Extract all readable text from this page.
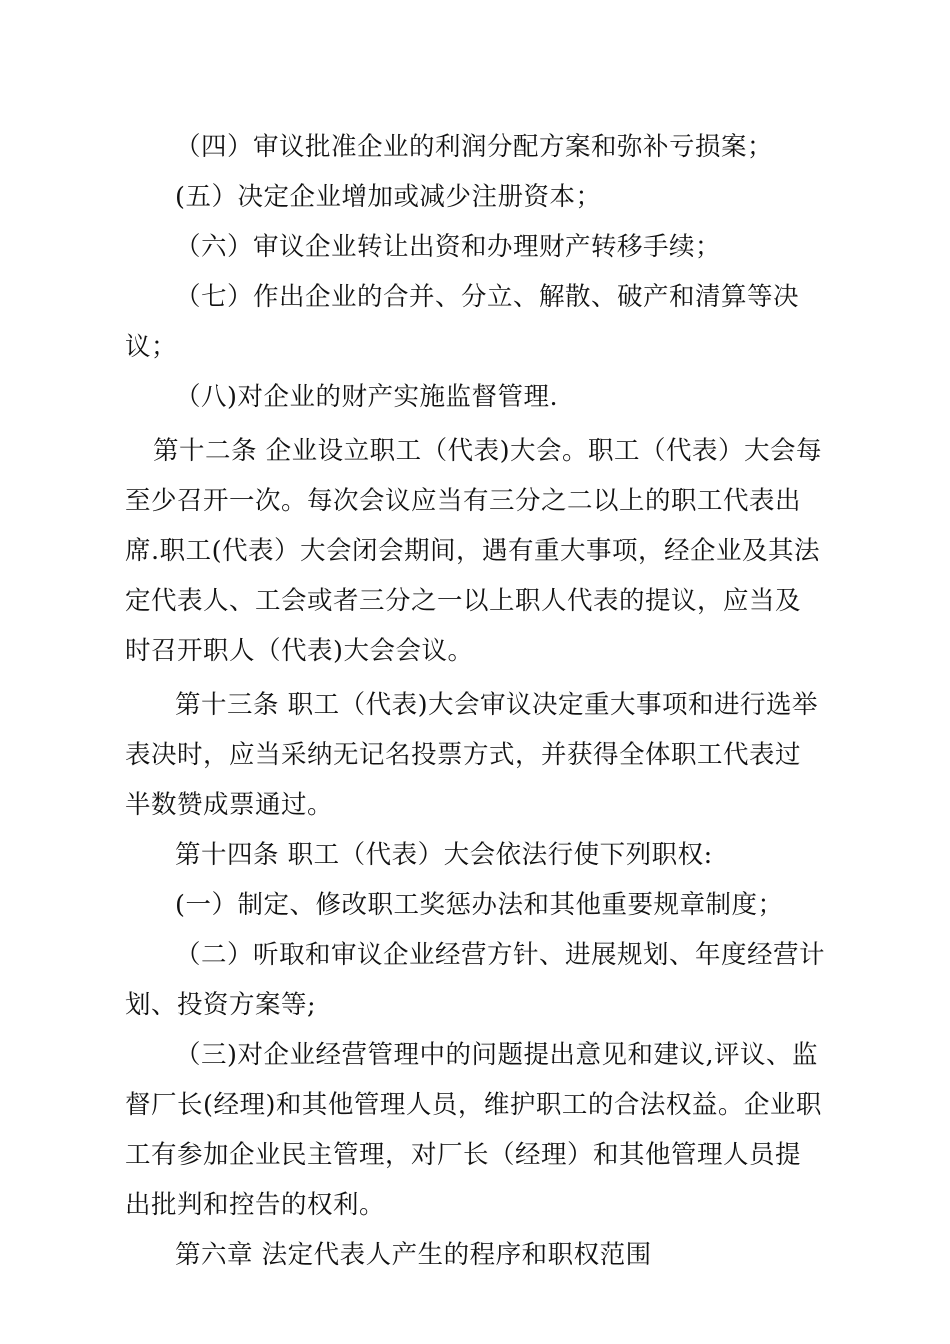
（四）审议批准企业的利润分配方案和弥补亏损案；

(五）决定企业增加或减少注册资本；

（六）审议企业转让出资和办理财产转移手续；

（七）作出企业的合并、分立、解散、破产和清算等决议；

（八)对企业的财产实施监督管理.

第十二条 企业设立职工（代表)大会。职工（代表）大会每至少召开一次。每次会议应当有三分之二以上的职工代表出席.职工(代表）大会闭会期间，遇有重大事项，经企业及其法定代表人、工会或者三分之一以上职人代表的提议，应当及时召开职人（代表)大会会议。

第十三条 职工（代表)大会审议决定重大事项和进行选举表决时，应当采纳无记名投票方式，并获得全体职工代表过半数赞成票通过。

第十四条 职工（代表）大会依法行使下列职权:

(一）制定、修改职工奖惩办法和其他重要规章制度；

（二）听取和审议企业经营方针、进展规划、年度经营计划、投资方案等;

（三)对企业经营管理中的问题提出意见和建议,评议、监督厂长(经理)和其他管理人员，维护职工的合法权益。企业职工有参加企业民主管理，对厂长（经理）和其他管理人员提出批判和控告的权利。

第六章 法定代表人产生的程序和职权范围
